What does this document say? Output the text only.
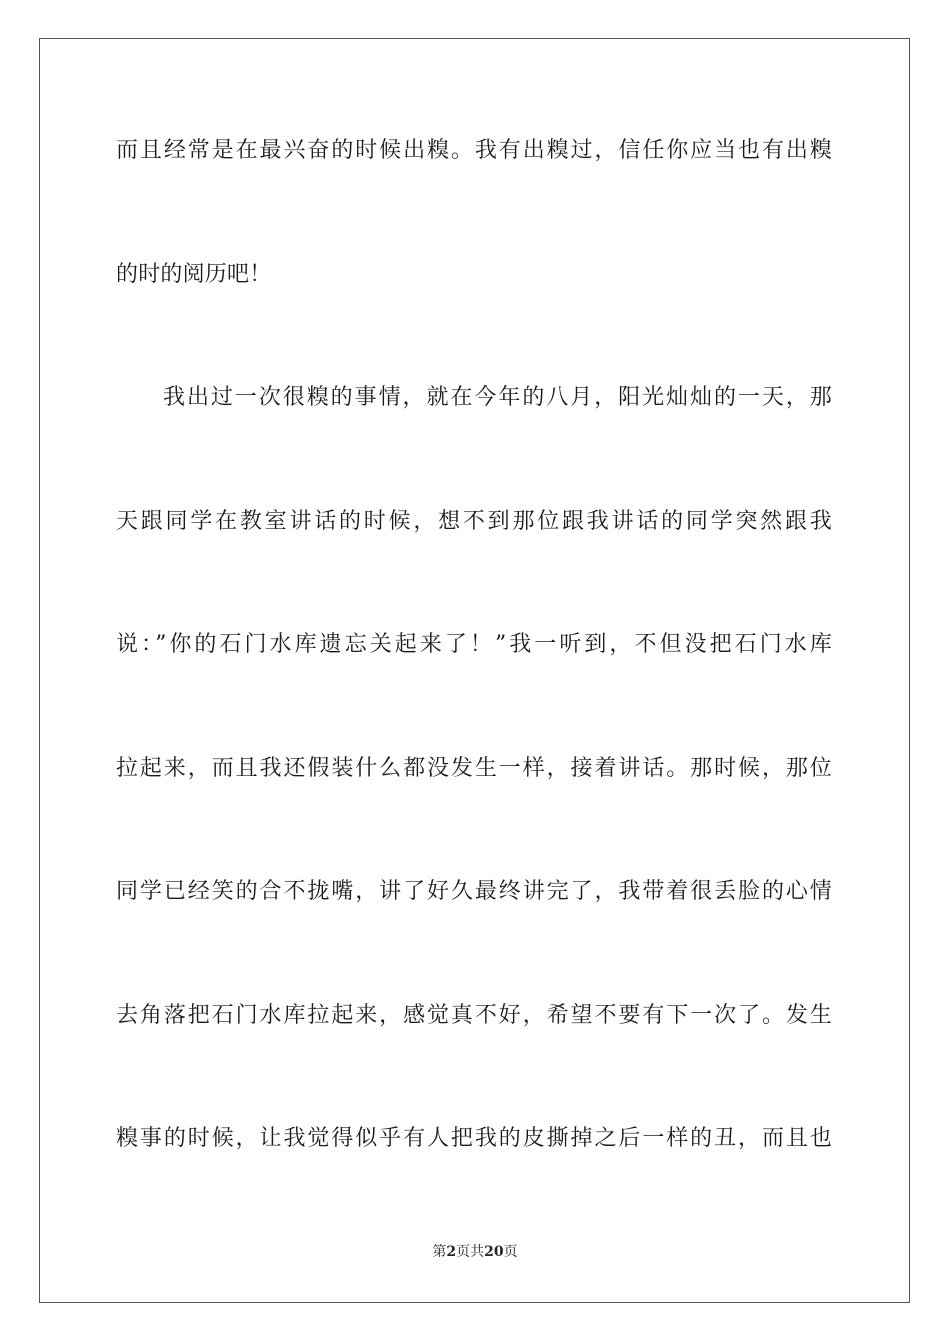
而且经常是在最兴奋的时候出糗。我有出糗过，信任你应当也有出糗
的时的阅历吧！
我出过一次很糗的事情，就在今年的八月，阳光灿灿的一天，那
天跟同学在教室讲话的时候，想不到那位跟我讲话的同学突然跟我
说：”你的石门水库遗忘关起来了！”我一听到，不但没把石门水库
拉起来，而且我还假装什么都没发生一样，接着讲话。那时候，那位
同学已经笑的合不拢嘴，讲了好久最终讲完了，我带着很丢脸的心情
去角落把石门水库拉起来，感觉真不好，希望不要有下一次了。发生
糗事的时候，让我觉得似乎有人把我的皮撕掉之后一样的丑，而且也
第2页共20页
